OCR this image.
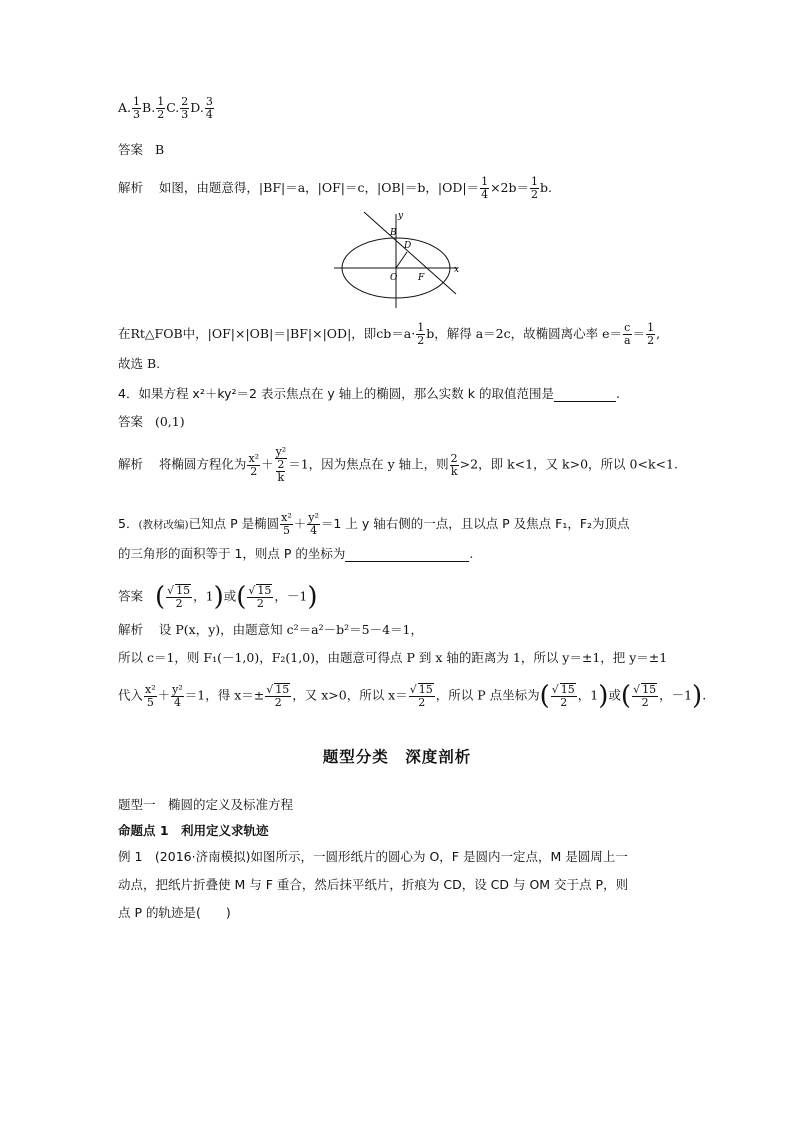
A. $\frac{1}{3} B$. $\frac{1}{2} C$. $\frac{2}{3} D$. $\frac{3}{4}$
答案 B
解析 如图，由题意得，|BF|＝a，|OF|＝c，|OB|＝b，$|OD|= \frac{1}{4} \times 2b= \frac{1}{2} b$.
y
x
B
D
O F
在Rt△FOB中，|OF|×|OB|＝|BF|×|OD|，即$cb=a\cdot \frac{1}{2}$ b，解得 a＝2c，故椭圆离心率 $e= \frac{c}{a} = \frac{1}{2}$ ,
故选 B.
4．如果方程 x²＋ky²＝2 表示焦点在 y 轴上的椭圆，那么实数 k 的取值范围是	.
答案 (0,1)
解析 将椭圆方程化为 $\frac{\text{x²}}{2} + \frac{\text{y²}}{\frac{2}{k}} =1$，因为焦点在 y 轴上，则 $\frac{2}{k} >2$，即 k<1，又 k>0，所以 0<k<1.
5．(教材改编)已知点 P 是椭圆 $\frac{\text{x²}}{5} + \frac{\text{y²}}{4} =1$ 上 y 轴右侧的一点，且以点 P 及焦点 F₁，F₂为顶点
的三角形的面积等于 1，则点 P 的坐标为	.
答案 ( $\frac{√ 15}{2}$ ，1)或( $\frac{√ 15}{2}$ ，－1)
解析 设 P(x，y)，由题意知 c²＝a²－b²＝5－4＝1，
所以 c＝1，则 F₁(－1,0)，F₂(1,0)，由题意可得点 P 到 x 轴的距离为 1，所以 y＝±1，把 y＝±1
代入 $\frac{\text{x²}}{5} + \frac{\text{y²}}{4} =1$，得 $x=\pm \frac{√ 15}{2}$ ，又 x>0，所以 $x= \frac{√ 15}{2}$ ，所以 P 点坐标为( $\frac{√ 15}{2}$ ，1)或( $\frac{√ 15}{2}$ ，－1).
题型分类　深度剖析
题型一　椭圆的定义及标准方程
命题点 1　利用定义求轨迹
例 1　(2016·济南模拟)如图所示，一圆形纸片的圆心为 O，F 是圆内一定点，M 是圆周上一
动点，把纸片折叠使 M 与 F 重合，然后抹平纸片，折痕为 CD，设 CD 与 OM 交于点 P，则
点 P 的轨迹是(　　)
